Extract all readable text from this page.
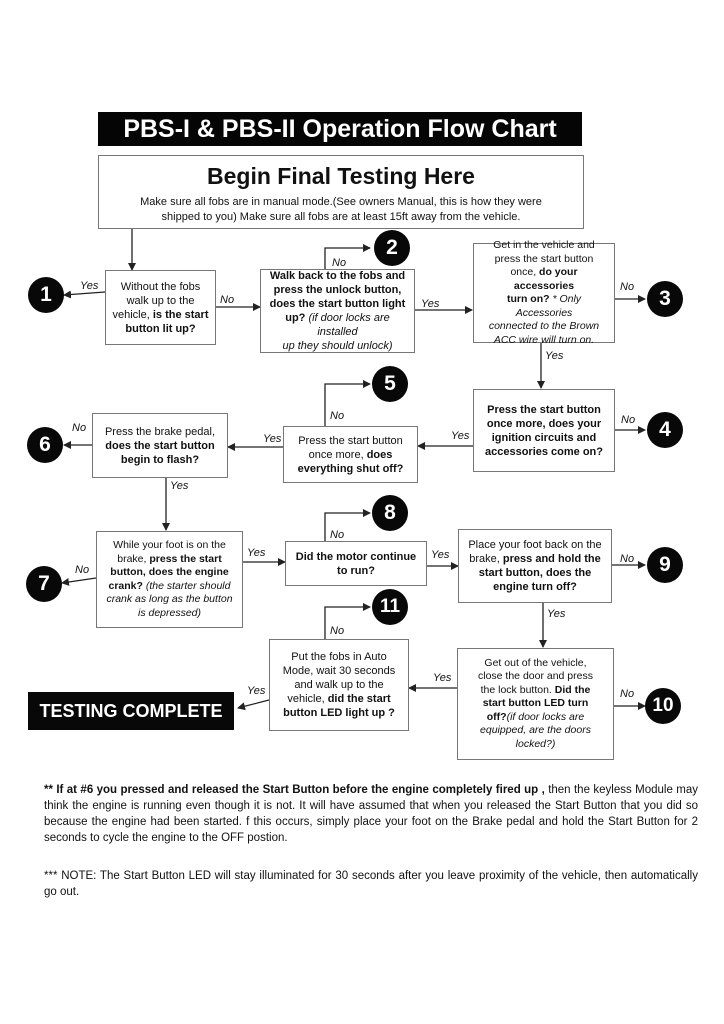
PBS-I & PBS-II Operation Flow Chart
Begin Final Testing Here
Make sure all fobs are in manual mode.(See owners Manual, this is how they were
shipped to you) Make sure all fobs are at least 15ft away from the vehicle.
Without the fobs
walk up to the
vehicle, is the start
button lit up?
Walk back to the fobs and
press the unlock button,
does the start button light
up? (if door locks are installed
up they should unlock)
Get in the vehicle and
press the start button
once, do your accessories
turn on? * Only Accessories
connected to the Brown
ACC wire will turn on.
Press the start button
once more, does your
ignition circuits and
accessories come on?
Press the start button
once more, does
everything shut off?
Press the brake pedal,
does the start button
begin to flash?
While your foot is on the
brake, press the start
button, does the engine
crank? (the starter should
crank as long as the button
is depressed)
Did the motor continue
to run?
Place your foot back on the
brake, press and hold the
start button, does the
engine turn off?
Get out of the vehicle,
close the door and press
the lock button. Did the
start button LED turn
off?(if door locks are
equipped, are the doors
locked?)
Put the fobs in Auto
Mode, wait 30 seconds
and walk up to the
vehicle, did the start
button LED light up ?
1
2
3
4
5
6
7
8
9
10
11
Yes
No
No
Yes
No
Yes
No
Yes
No
Yes
No
Yes
No
Yes
No
Yes	No
Yes
No
Yes
No
Yes
TESTING COMPLETE
** If at #6 you pressed and released the Start Button before the engine completely fired up , then the keyless Module may think the engine is running even though it is not. It will have assumed that when you released the Start Button that you did so because the engine had been started. f this occurs, simply place your foot on the Brake pedal and hold the Start Button for 2 seconds to cycle the engine to the OFF postion.
*** NOTE: The Start Button LED will stay illuminated for 30 seconds after you leave proximity of the vehicle, then automatically go out.
